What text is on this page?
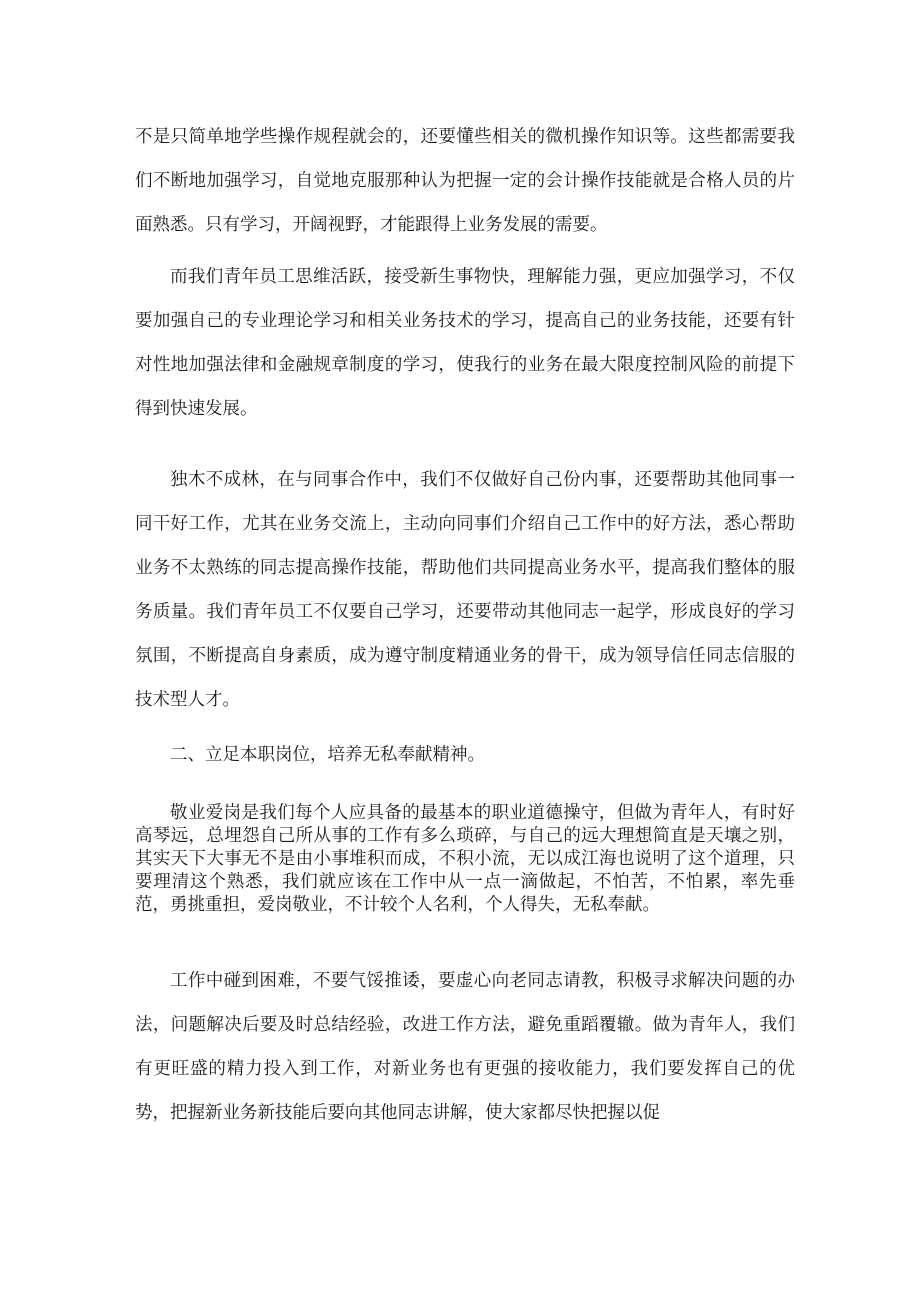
不是只简单地学些操作规程就会的，还要懂些相关的微机操作知识等。这些都需要我们不断地加强学习，自觉地克服那种认为把握一定的会计操作技能就是合格人员的片面熟悉。只有学习，开阔视野，才能跟得上业务发展的需要。

而我们青年员工思维活跃，接受新生事物快，理解能力强，更应加强学习，不仅要加强自己的专业理论学习和相关业务技术的学习，提高自己的业务技能，还要有针对性地加强法律和金融规章制度的学习，使我行的业务在最大限度控制风险的前提下得到快速发展。

独木不成林，在与同事合作中，我们不仅做好自己份内事，还要帮助其他同事一同干好工作，尤其在业务交流上，主动向同事们介绍自己工作中的好方法，悉心帮助业务不太熟练的同志提高操作技能，帮助他们共同提高业务水平，提高我们整体的服务质量。我们青年员工不仅要自己学习，还要带动其他同志一起学，形成良好的学习氛围，不断提高自身素质，成为遵守制度精通业务的骨干，成为领导信任同志信服的技术型人才。

二、立足本职岗位，培养无私奉献精神。

敬业爱岗是我们每个人应具备的最基本的职业道德操守，但做为青年人，有时好高琴远，总埋怨自己所从事的工作有多么琐碎，与自己的远大理想简直是天壤之别，其实天下大事无不是由小事堆积而成，不积小流，无以成江海也说明了这个道理，只要理清这个熟悉，我们就应该在工作中从一点一滴做起，不怕苦，不怕累，率先垂范，勇挑重担，爱岗敬业，不计较个人名利，个人得失，无私奉献。

工作中碰到困难，不要气馁推诿，要虚心向老同志请教，积极寻求解决问题的办法，问题解决后要及时总结经验，改进工作方法，避免重蹈覆辙。做为青年人，我们有更旺盛的精力投入到工作，对新业务也有更强的接收能力，我们要发挥自己的优势，把握新业务新技能后要向其他同志讲解，使大家都尽快把握以促
